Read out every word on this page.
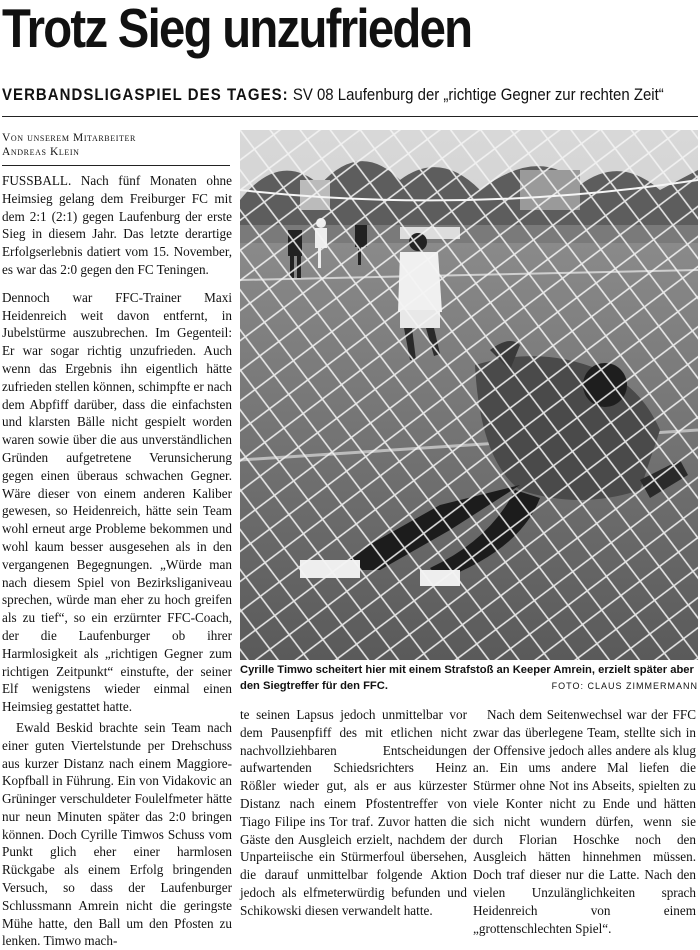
Trotz Sieg unzufrieden
VERBANDSLIGASPIEL DES TAGES: SV 08 Laufenburg der „richtige Gegner zur rechten Zeit“
Von unserem Mitarbeiter
Andreas Klein

FUSSBALL. Nach fünf Monaten ohne Heimsieg gelang dem Freiburger FC mit dem 2:1 (2:1) gegen Laufenburg der erste Sieg in diesem Jahr. Das letzte derartige Erfolgserlebnis datiert vom 15. November, es war das 2:0 gegen den FC Teningen.

Dennoch war FFC-Trainer Maxi Heidenreich weit davon entfernt, in Jubelstürme auszubrechen. Im Gegenteil: Er war sogar richtig unzufrieden. Auch wenn das Ergebnis ihn eigentlich hätte zufrieden stellen können, schimpfte er nach dem Abpfiff darüber, dass die einfachsten und klarsten Bälle nicht gespielt worden waren sowie über die aus unverständlichen Gründen aufgetretene Verunsicherung gegen einen überaus schwachen Gegner. Wäre dieser von einem anderen Kaliber gewesen, so Heidenreich, hätte sein Team wohl erneut arge Probleme bekommen und wohl kaum besser ausgesehen als in den vergangenen Begegnungen. „Würde man nach diesem Spiel von Bezirksliganiveau sprechen, würde man eher zu hoch greifen als zu tief“, so ein erzürnter FFC-Coach, der die Laufenburger ob ihrer Harmlosigkeit als „richtigen Gegner zum richtigen Zeitpunkt“ einstufte, der seiner Elf wenigstens wieder einmal einen Heimsieg gestattet hatte.

Ewald Beskid brachte sein Team nach einer guten Viertelstunde per Drehschuss aus kurzer Distanz nach einem Maggiore-Kopfball in Führung. Ein von Vidakovic an Grüninger verschuldeter Foulelfmeter hätte nur neun Minuten später das 2:0 bringen können. Doch Cyrille Timwos Schuss vom Punkt glich eher einer harmlosen Rückgabe als einem Erfolg bringenden Versuch, so dass der Laufenburger Schlussmann Amrein nicht die geringste Mühe hatte, den Ball um den Pfosten zu lenken. Timwo mach-

Cyrille Timwo scheitert hier mit einem Strafstoß an Keeper Amrein, erzielt später aber den Siegtreffer für den FFC.	FOTO: CLAUS ZIMMERMANN

te seinen Lapsus jedoch unmittelbar vor dem Pausenpfiff des mit etlichen nicht nachvollziehbaren Entscheidungen aufwartenden Schiedsrichters Heinz Rößler wieder gut, als er aus kürzester Distanz nach einem Pfostentreffer von Tiago Filipe ins Tor traf. Zuvor hatten die Gäste den Ausgleich erzielt, nachdem der Unparteiische ein Stürmerfoul übersehen, die darauf unmittelbar folgende Aktion jedoch als elfmeterwürdig befunden und Schikowski diesen verwandelt hatte.

Nach dem Seitenwechsel war der FFC zwar das überlegene Team, stellte sich in der Offensive jedoch alles andere als klug an. Ein ums andere Mal liefen die Stürmer ohne Not ins Abseits, spielten zu viele Konter nicht zu Ende und hätten sich nicht wundern dürfen, wenn sie durch Florian Hoschke noch den Ausgleich hätten hinnehmen müssen. Doch traf dieser nur die Latte. Nach den vielen Unzulänglichkeiten sprach Heidenreich von einem „grottenschlechten Spiel“.
